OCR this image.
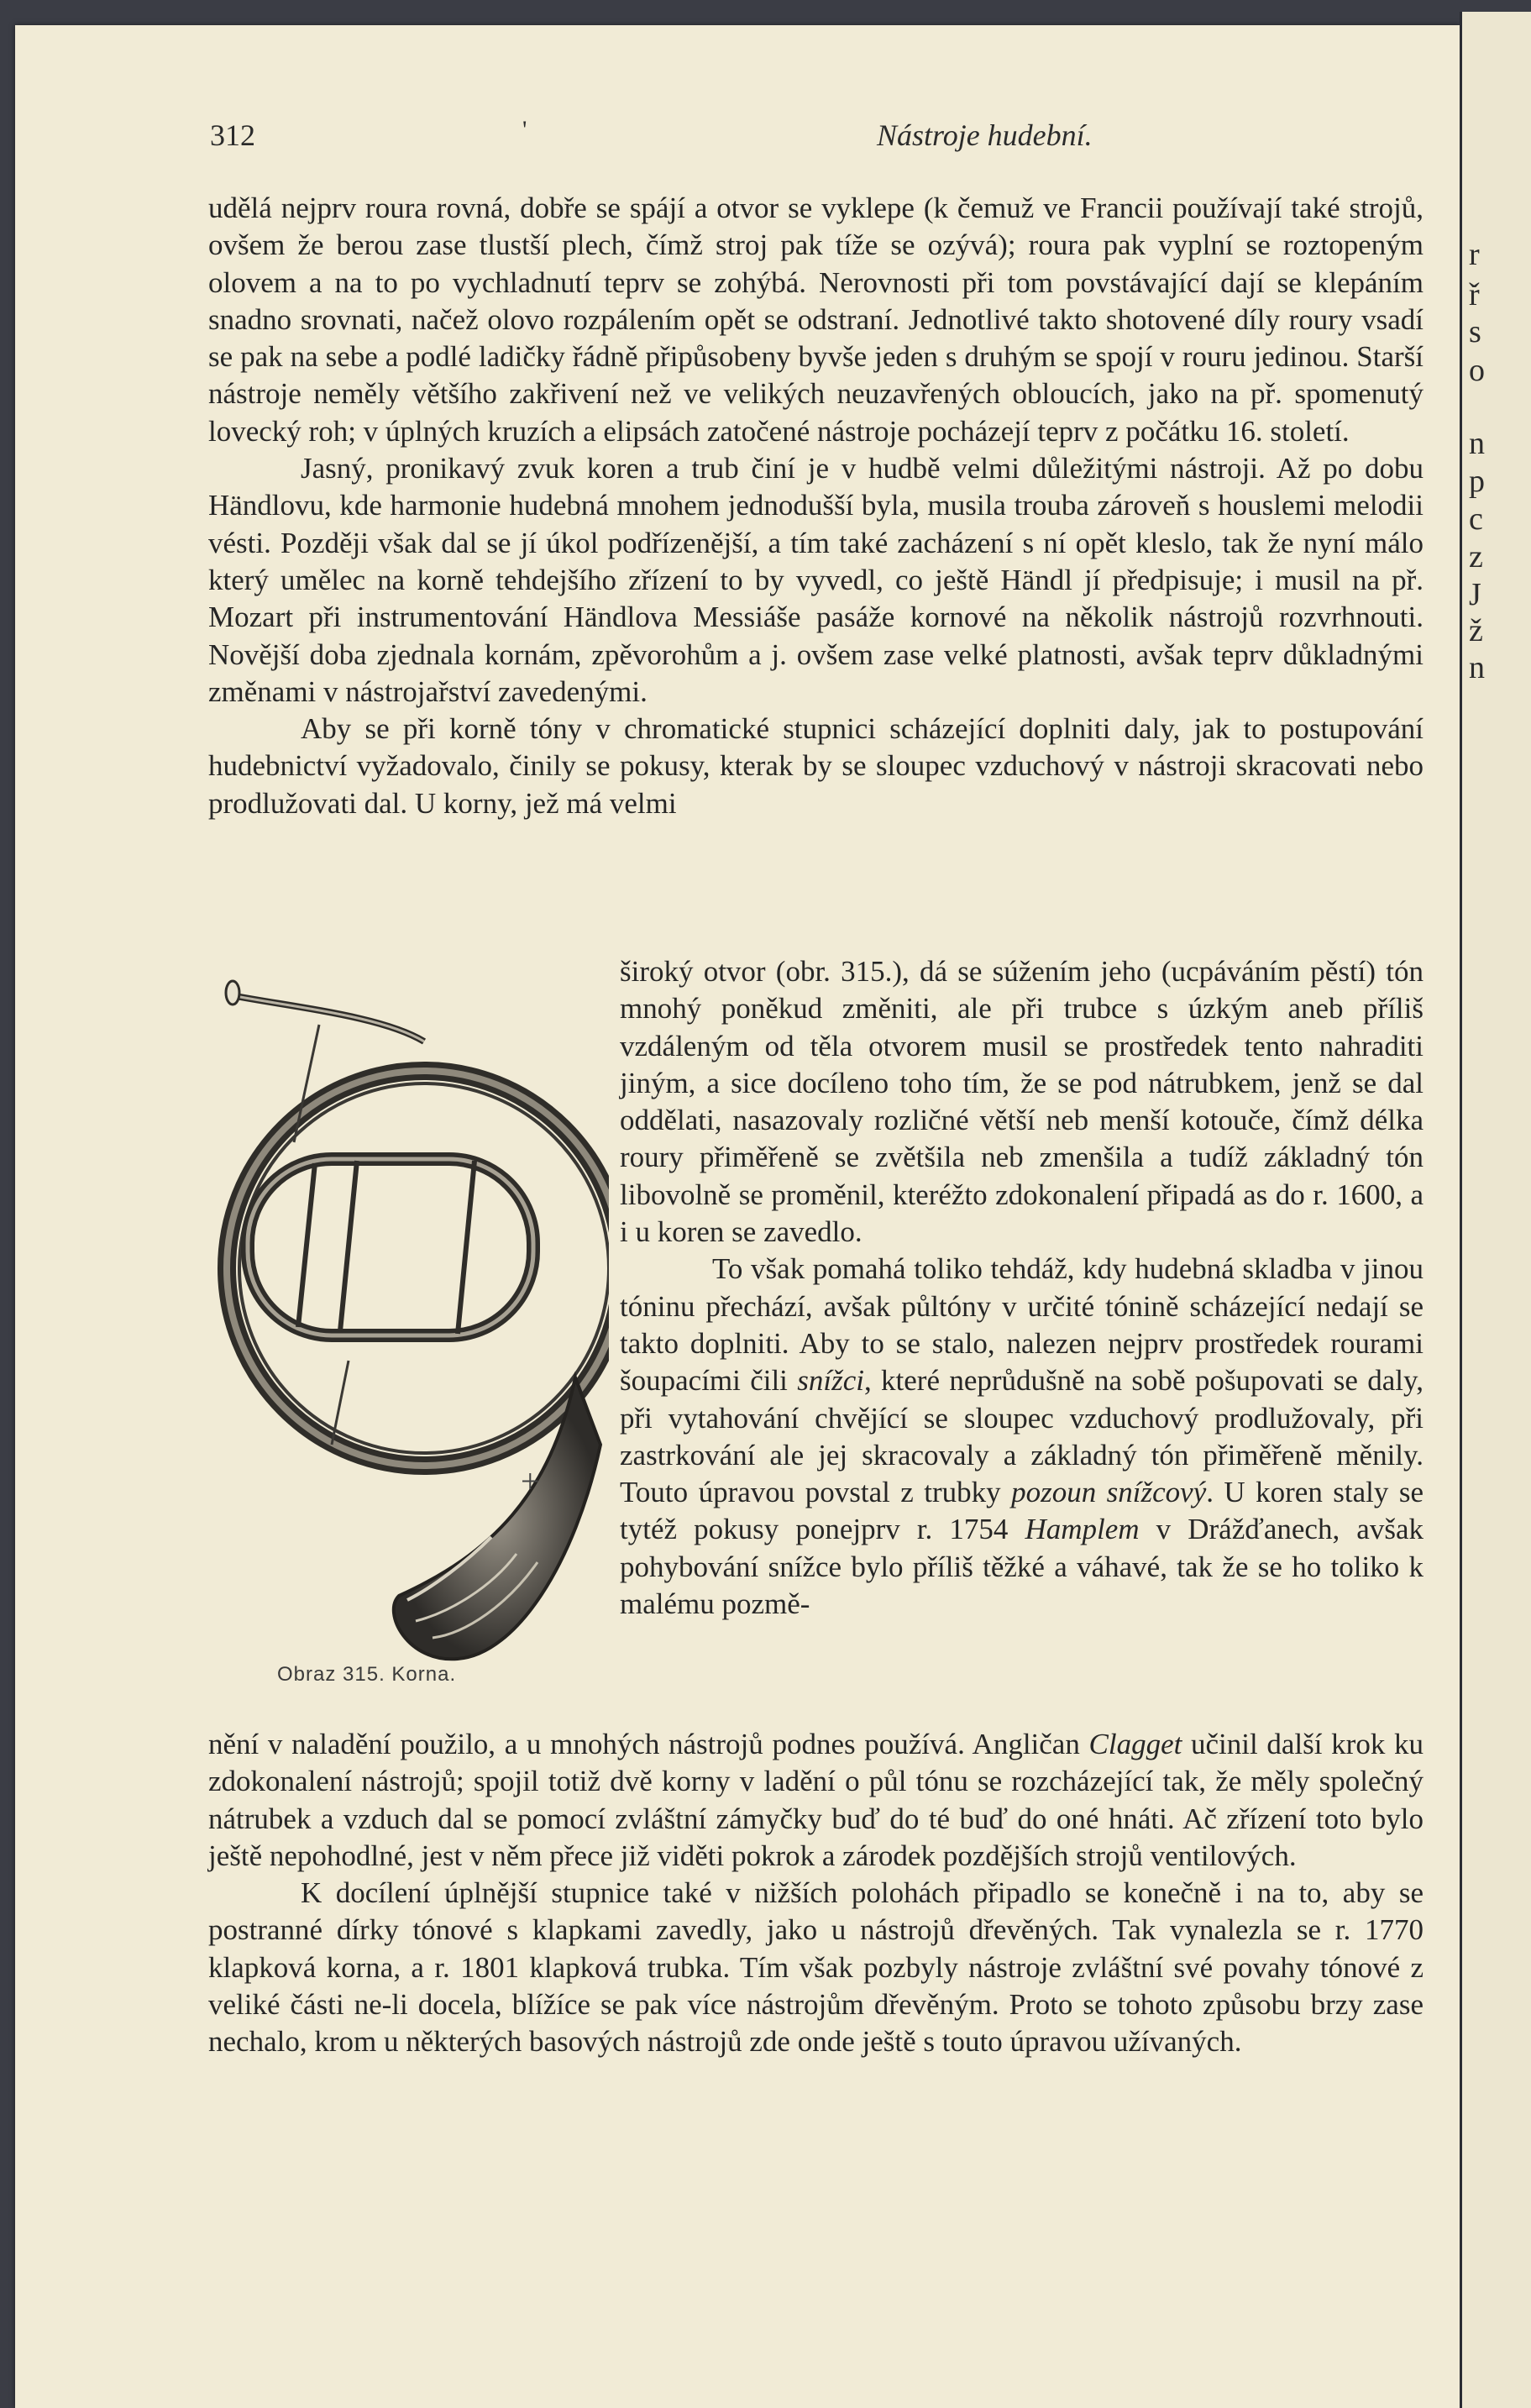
r
ř
s
o
n
p
c
z
J
ž
n
312	'	Nástroje hudební.

udělá nejprv roura rovná, dobře se spájí a otvor se vyklepe (k čemuž ve Francii používají také strojů, ovšem že berou zase tlustší plech, čímž stroj pak tíže se ozývá); roura pak vyplní se roztopeným olovem a na to po vychladnutí teprv se zohýbá. Nerovnosti při tom povstávající dají se klepáním snadno srovnati, načež olovo rozpálením opět se odstraní. Jednotlivé takto shotovené díly roury vsadí se pak na sebe a podlé ladičky řádně připůsobeny byvše jeden s druhým se spojí v rouru jedinou. Starší nástroje neměly většího zakřivení než ve velikých neuzavřených obloucích, jako na př. spomenutý lovecký roh; v úplných kruzích a elipsách zatočené nástroje pocházejí teprv z počátku 16. století.

Jasný, pronikavý zvuk koren a trub činí je v hudbě velmi důležitými nástroji. Až po dobu Händlovu, kde harmonie hudebná mnohem jednodušší byla, musila trouba zároveň s houslemi melodii vésti. Později však dal se jí úkol podřízenější, a tím také zacházení s ní opět kleslo, tak že nyní málo který umělec na korně tehdejšího zřízení to by vyvedl, co ještě Händl jí předpisuje; i musil na př. Mozart při instrumentování Händlova Messiáše pasáže kornové na několik nástrojů rozvrhnouti. Novější doba zjednala kornám, zpěvorohům a j. ovšem zase velké platnosti, avšak teprv důkladnými změnami v nástrojařství zavedenými.

Aby se při korně tóny v chromatické stupnici scházející doplniti daly, jak to postupování hudebnictví vyžadovalo, činily se pokusy, kterak by se sloupec vzduchový v nástroji skracovati nebo prodlužovati dal. U korny, jež má velmi

+
Obraz 315. Korna.

široký otvor (obr. 315.), dá se súžením jeho (ucpáváním pěstí) tón mnohý poněkud změniti, ale při trubce s úzkým aneb příliš vzdáleným od těla otvorem musil se prostředek tento nahraditi jiným, a sice docíleno toho tím, že se pod nátrubkem, jenž se dal oddělati, nasazovaly rozličné větší neb menší kotouče, čímž délka roury přiměřeně se zvětšila neb zmenšila a tudíž základný tón libovolně se proměnil, kteréžto zdokonalení připadá as do r. 1600, a i u koren se zavedlo.

To však pomahá toliko tehdáž, kdy hudebná skladba v jinou tóninu přechází, avšak půltóny v určité tónině scházející nedají se takto doplniti. Aby to se stalo, nalezen nejprv prostředek rourami šoupacími čili snížci, které neprůdušně na sobě pošupovati se daly, při vytahování chvějící se sloupec vzduchový prodlužovaly, při zastrkování ale jej skracovaly a základný tón přiměřeně měnily. Touto úpravou povstal z trubky pozoun snížcový. U koren staly se tytéž pokusy ponejprv r. 1754 Hamplem v Drážďanech, avšak pohybování snížce bylo příliš těžké a váhavé, tak že se ho toliko k malému pozmě-

nění v naladění použilo, a u mnohých nástrojů podnes používá. Angličan Clagget učinil další krok ku zdokonalení nástrojů; spojil totiž dvě korny v ladění o půl tónu se rozcházející tak, že měly společný nátrubek a vzduch dal se pomocí zvláštní zámyčky buď do té buď do oné hnáti. Ač zřízení toto bylo ještě nepohodlné, jest v něm přece již viděti pokrok a zárodek pozdějších strojů ventilových.

K docílení úplnější stupnice také v nižších polohách připadlo se konečně i na to, aby se postranné dírky tónové s klapkami zavedly, jako u nástrojů dřevěných. Tak vynalezla se r. 1770 klapková korna, a r. 1801 klapková trubka. Tím však pozbyly nástroje zvláštní své povahy tónové z veliké části ne-li docela, blížíce se pak více nástrojům dřevěným. Proto se tohoto způsobu brzy zase nechalo, krom u některých basových nástrojů zde onde ještě s touto úpravou užívaných.
